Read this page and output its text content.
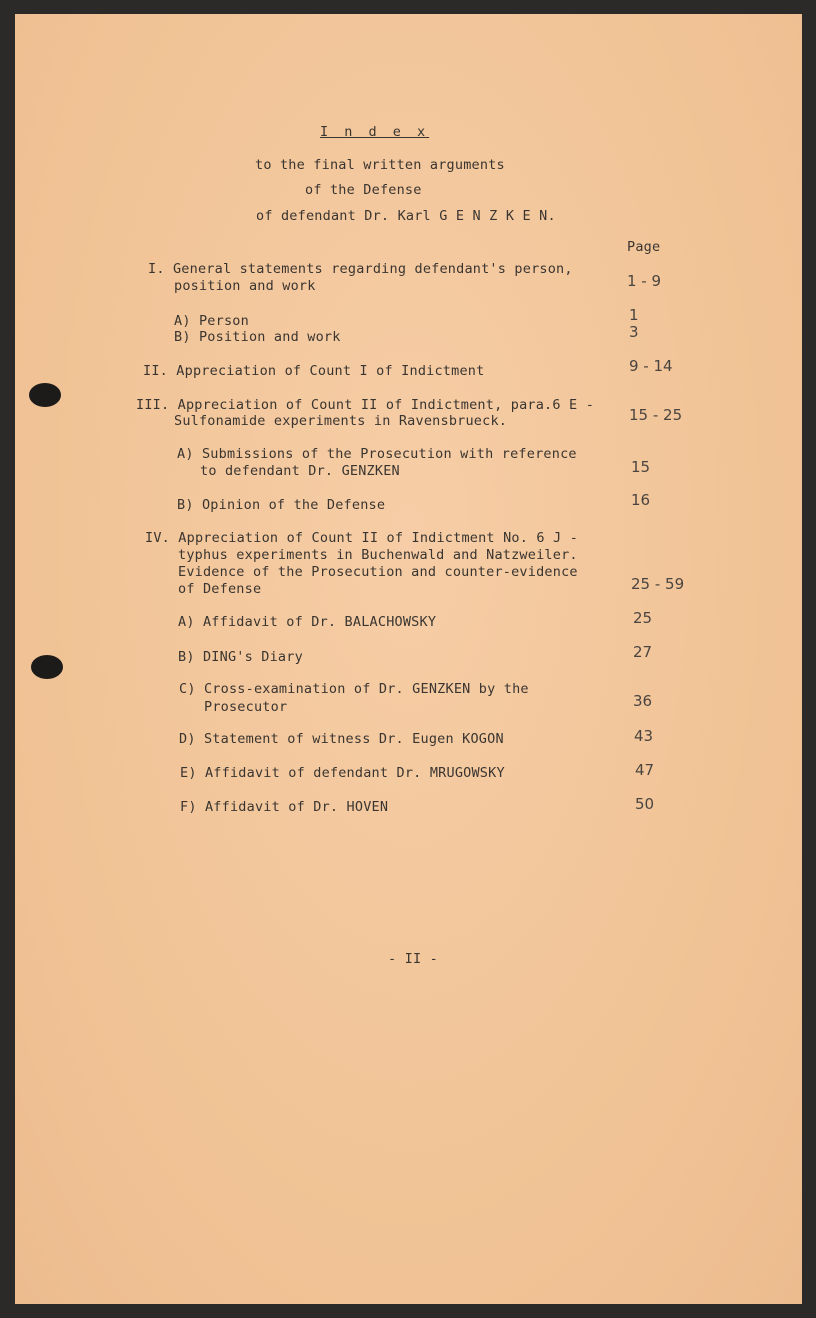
I n d e x
to the final written arguments
of the Defense
of defendant Dr. Karl G E N Z K E N.
Page
I. General statements regarding defendant's person,
position and work	1 - 9
A) Person	1
B) Position and work	3
II. Appreciation of Count I of Indictment	9 - 14
III. Appreciation of Count II of Indictment, para.6 E -
Sulfonamide experiments in Ravensbrueck.	15 - 25
A) Submissions of the Prosecution with reference
to defendant Dr. GENZKEN	15
B) Opinion of the Defense	16
IV. Appreciation of Count II of Indictment No. 6 J -
typhus experiments in Buchenwald and Natzweiler.
Evidence of the Prosecution and counter-evidence
of Defense	25 - 59
A) Affidavit of Dr. BALACHOWSKY	25
B) DING's Diary	27
C) Cross-examination of Dr. GENZKEN by the
Prosecutor	36
D) Statement of witness Dr. Eugen KOGON	43
E) Affidavit of defendant Dr. MRUGOWSKY	47
F) Affidavit of Dr. HOVEN	50
- II -
